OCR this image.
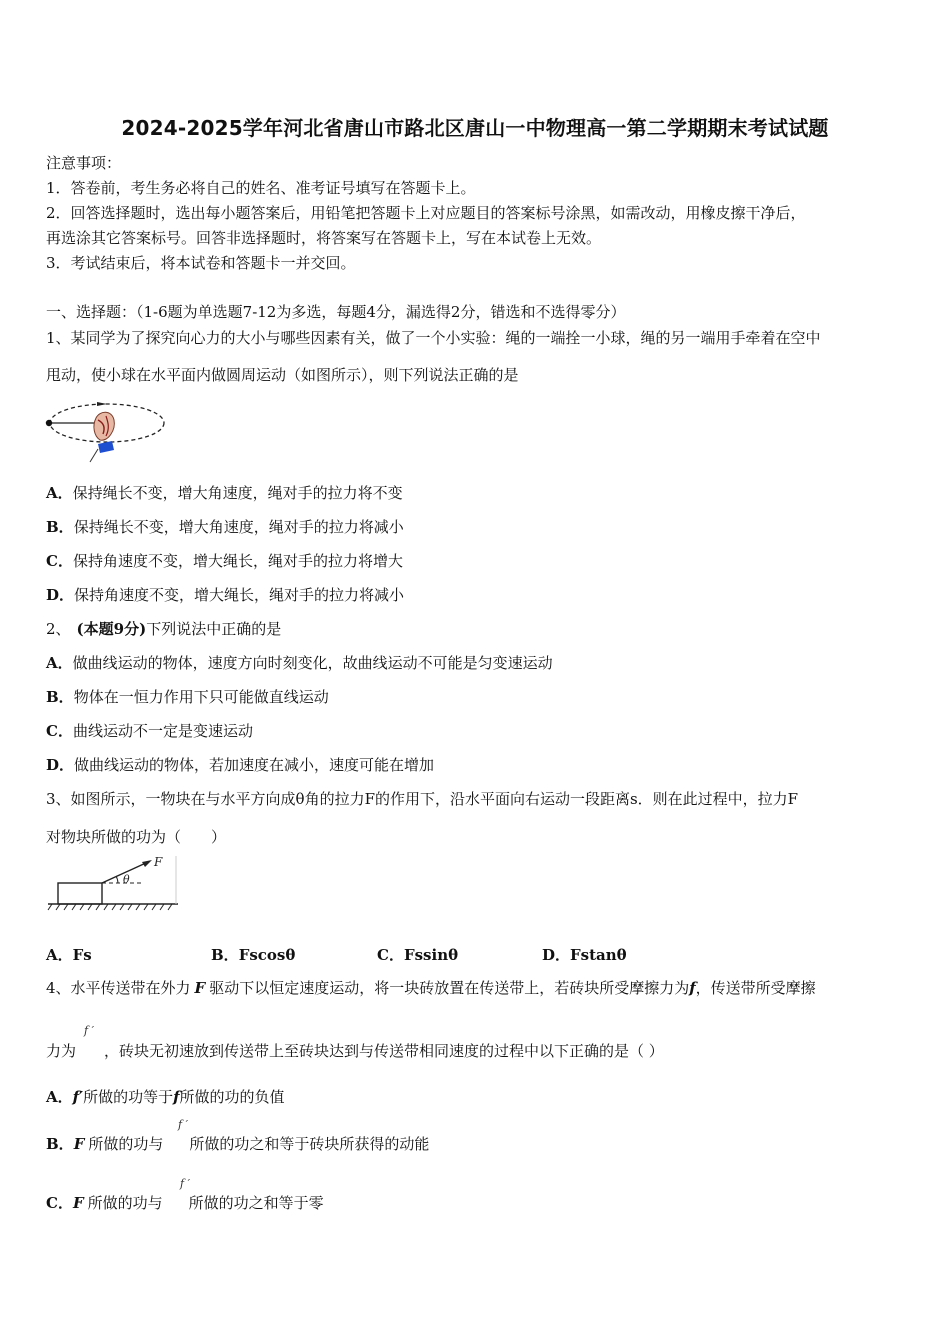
2024-2025学年河北省唐山市路北区唐山一中物理高一第二学期期末考试试题
注意事项：
1．答卷前，考生务必将自己的姓名、准考证号填写在答题卡上。
2．回答选择题时，选出每小题答案后，用铅笔把答题卡上对应题目的答案标号涂黑，如需改动，用橡皮擦干净后，
再选涂其它答案标号。回答非选择题时，将答案写在答题卡上，写在本试卷上无效。
3．考试结束后，将本试卷和答题卡一并交回。
一、选择题：（1-6题为单选题7-12为多选，每题4分，漏选得2分，错选和不选得零分）
1、某同学为了探究向心力的大小与哪些因素有关，做了一个小实验：绳的一端拴一小球，绳的另一端用手牵着在空中
甩动，使小球在水平面内做圆周运动（如图所示），则下列说法正确的是
A．保持绳长不变，增大角速度，绳对手的拉力将不变
B．保持绳长不变，增大角速度，绳对手的拉力将减小
C．保持角速度不变，增大绳长，绳对手的拉力将增大
D．保持角速度不变，增大绳长，绳对手的拉力将减小
2、 (本题9分)下列说法中正确的是
A．做曲线运动的物体，速度方向时刻变化，故曲线运动不可能是匀变速运动
B．物体在一恒力作用下只可能做直线运动
C．曲线运动不一定是变速运动
D．做曲线运动的物体，若加速度在减小，速度可能在增加
3、如图所示，一物块在与水平方向成θ角的拉力F的作用下，沿水平面向右运动一段距离s．则在此过程中，拉力F
对物块所做的功为（　　）
F
θ
A．Fs	B．Fscosθ	C．Fssinθ	D．Fstanθ
4、水平传送带在外力 F 驱动下以恒定速度运动，将一块砖放置在传送带上，若砖块所受摩擦力为f，传送带所受摩擦
力为 ，砖块无初速放到传送带上至砖块达到与传送带相同速度的过程中以下正确的是（ ）
f ′
A．f′所做的功等于f所做的功的负值
B．F 所做的功与 所做的功之和等于砖块所获得的动能
f ′
C．F 所做的功与 所做的功之和等于零
f ′
